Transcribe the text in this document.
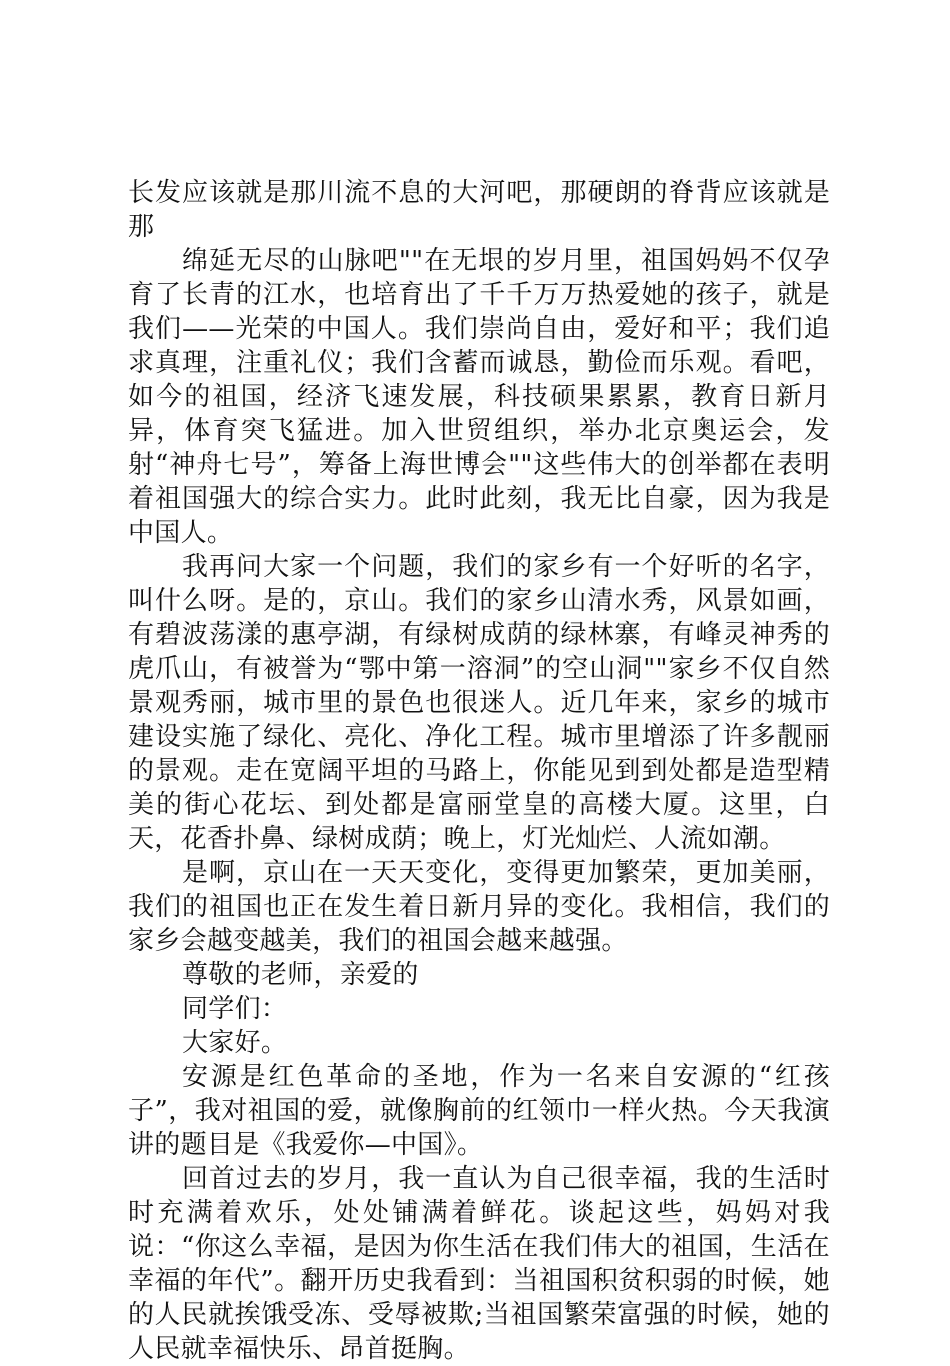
长发应该就是那川流不息的大河吧，那硬朗的脊背应该就是那

绵延无尽的山脉吧""在无垠的岁月里，祖国妈妈不仅孕育了长青的江水，也培育出了千千万万热爱她的孩子，就是我们——光荣的中国人。我们崇尚自由，爱好和平；我们追求真理，注重礼仪；我们含蓄而诚恳，勤俭而乐观。看吧，如今的祖国，经济飞速发展，科技硕果累累，教育日新月异，体育突飞猛进。加入世贸组织，举办北京奥运会，发射“神舟七号”，筹备上海世博会""这些伟大的创举都在表明着祖国强大的综合实力。此时此刻，我无比自豪，因为我是中国人。

我再问大家一个问题，我们的家乡有一个好听的名字，叫什么呀。是的，京山。我们的家乡山清水秀，风景如画，有碧波荡漾的惠亭湖，有绿树成荫的绿林寨，有峰灵神秀的虎爪山，有被誉为“鄂中第一溶洞”的空山洞""家乡不仅自然景观秀丽，城市里的景色也很迷人。近几年来，家乡的城市建设实施了绿化、亮化、净化工程。城市里增添了许多靓丽的景观。走在宽阔平坦的马路上，你能见到到处都是造型精美的街心花坛、到处都是富丽堂皇的高楼大厦。这里，白天，花香扑鼻、绿树成荫；晚上，灯光灿烂、人流如潮。

是啊，京山在一天天变化，变得更加繁荣，更加美丽，我们的祖国也正在发生着日新月异的变化。我相信，我们的家乡会越变越美，我们的祖国会越来越强。

尊敬的老师，亲爱的

同学们：

大家好。

安源是红色革命的圣地，作为一名来自安源的“红孩子”，我对祖国的爱，就像胸前的红领巾一样火热。今天我演讲的题目是《我爱你—中国》。

回首过去的岁月，我一直认为自己很幸福，我的生活时时充满着欢乐，处处铺满着鲜花。谈起这些，妈妈对我说：“你这么幸福，是因为你生活在我们伟大的祖国，生活在幸福的年代”。翻开历史我看到：当祖国积贫积弱的时候，她的人民就挨饿受冻、受辱被欺;当祖国繁荣富强的时候，她的人民就幸福快乐、昂首挺胸。
